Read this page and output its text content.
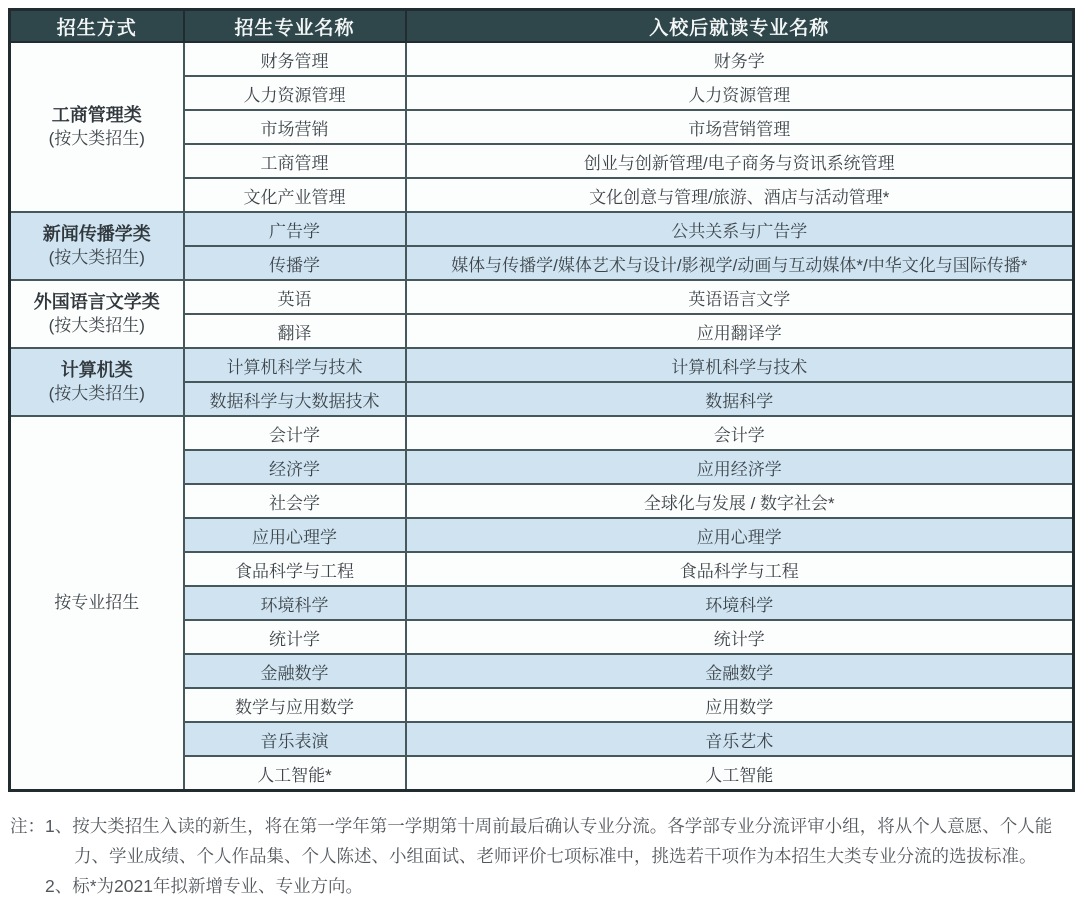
招生方式	招生专业名称	入校后就读专业名称

工商管理类
(按大类招生)	财务管理	财务学
	人力资源管理	人力资源管理
	市场营销	市场营销管理
	工商管理	创业与创新管理/电子商务与资讯系统管理
	文化产业管理	文化创意与管理/旅游、酒店与活动管理*

新闻传播学类
(按大类招生)	广告学	公共关系与广告学
	传播学	媒体与传播学/媒体艺术与设计/影视学/动画与互动媒体*/中华文化与国际传播*

外国语言文学类
(按大类招生)	英语	英语语言文学
	翻译	应用翻译学

计算机类
(按大类招生)	计算机科学与技术	计算机科学与技术
	数据科学与大数据技术	数据科学

按专业招生	会计学	会计学
	经济学	应用经济学
	社会学	全球化与发展 / 数字社会*
	应用心理学	应用心理学
	食品科学与工程	食品科学与工程
	环境科学	环境科学
	统计学	统计学
	金融数学	金融数学
	数学与应用数学	应用数学
	音乐表演	音乐艺术
	人工智能*	人工智能
注： 1、按大类招生入读的新生，将在第一学年第一学期第十周前最后确认专业分流。各学部专业分流评审小组，将从个人意愿、个人能力、学业成绩、个人作品集、个人陈述、小组面试、老师评价七项标准中，挑选若干项作为本招生大类专业分流的选拔标准。
2、标*为2021年拟新增专业、专业方向。
